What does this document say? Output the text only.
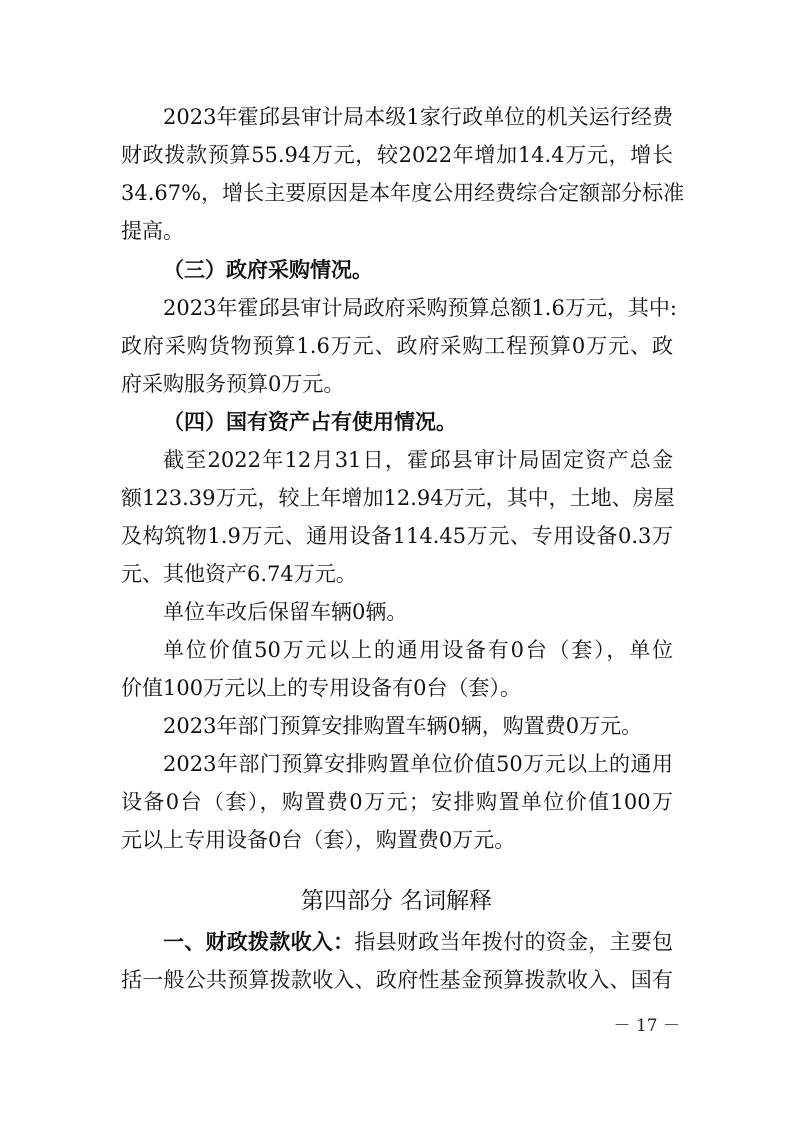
2023年霍邱县审计局本级1家行政单位的机关运行经费
财政拨款预算55.94万元，较2022年增加14.4万元，增长
34.67%，增长主要原因是本年度公用经费综合定额部分标准
提高。
（三）政府采购情况。
2023年霍邱县审计局政府采购预算总额1.6万元，其中:
政府采购货物预算1.6万元、政府采购工程预算0万元、政
府采购服务预算0万元。
（四）国有资产占有使用情况。
截至2022年12月31日，霍邱县审计局固定资产总金
额123.39万元，较上年增加12.94万元，其中，土地、房屋
及构筑物1.9万元、通用设备114.45万元、专用设备0.3万
元、其他资产6.74万元。
单位车改后保留车辆0辆。
单位价值50万元以上的通用设备有0台（套），单位
价值100万元以上的专用设备有0台（套）。
2023年部门预算安排购置车辆0辆，购置费0万元。
2023年部门预算安排购置单位价值50万元以上的通用
设备0台（套），购置费0万元；安排购置单位价值100万
元以上专用设备0台（套），购置费0万元。
第四部分 名词解释
一、财政拨款收入：指县财政当年拨付的资金，主要包
括一般公共预算拨款收入、政府性基金预算拨款收入、国有
－ 17 －
